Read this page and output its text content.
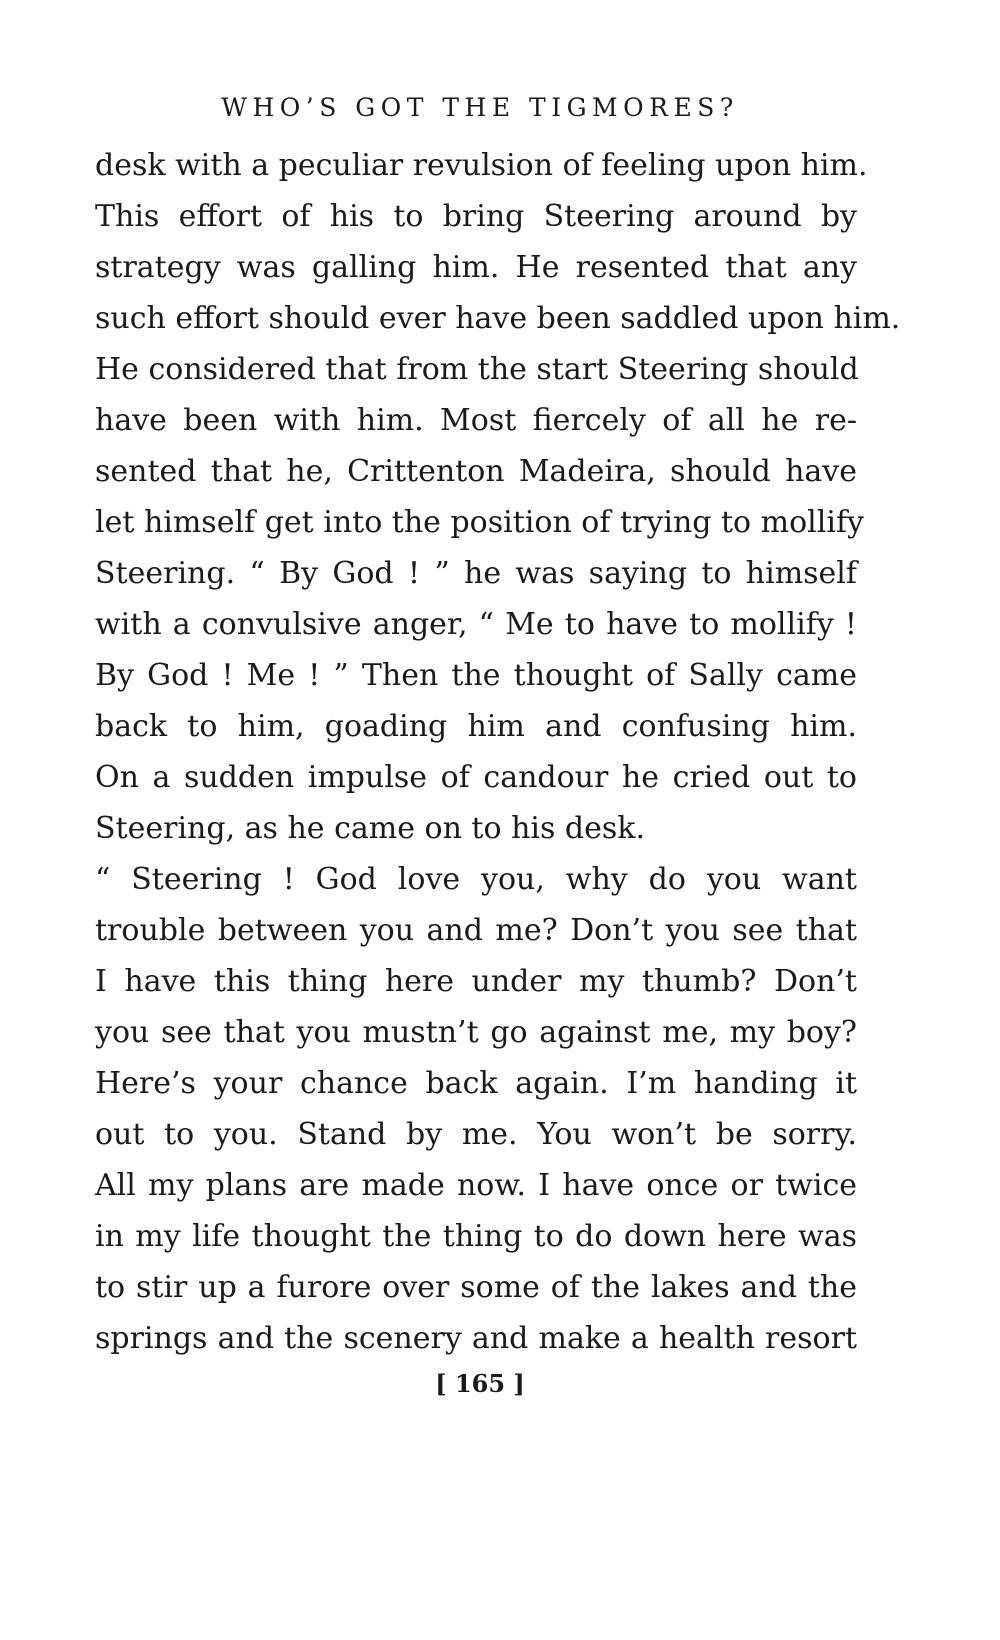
WHO’S GOT THE TIGMORES?
desk with a peculiar revulsion of feeling upon him.
This effort of his to bring Steering around by
strategy was galling him. He resented that any
such effort should ever have been saddled upon him.
He considered that from the start Steering should
have been with him. Most fiercely of all he re-
sented that he, Crittenton Madeira, should have
let himself get into the position of trying to mollify
Steering. “ By God ! ” he was saying to himself
with a convulsive anger, “ Me to have to mollify !
By God ! Me ! ” Then the thought of Sally came
back to him, goading him and confusing him.
On a sudden impulse of candour he cried out to
Steering, as he came on to his desk.
“ Steering ! God love you, why do you want
trouble between you and me? Don’t you see that
I have this thing here under my thumb? Don’t
you see that you mustn’t go against me, my boy?
Here’s your chance back again. I’m handing it
out to you. Stand by me. You won’t be sorry.
All my plans are made now. I have once or twice
in my life thought the thing to do down here was
to stir up a furore over some of the lakes and the
springs and the scenery and make a health resort
[ 165 ]
